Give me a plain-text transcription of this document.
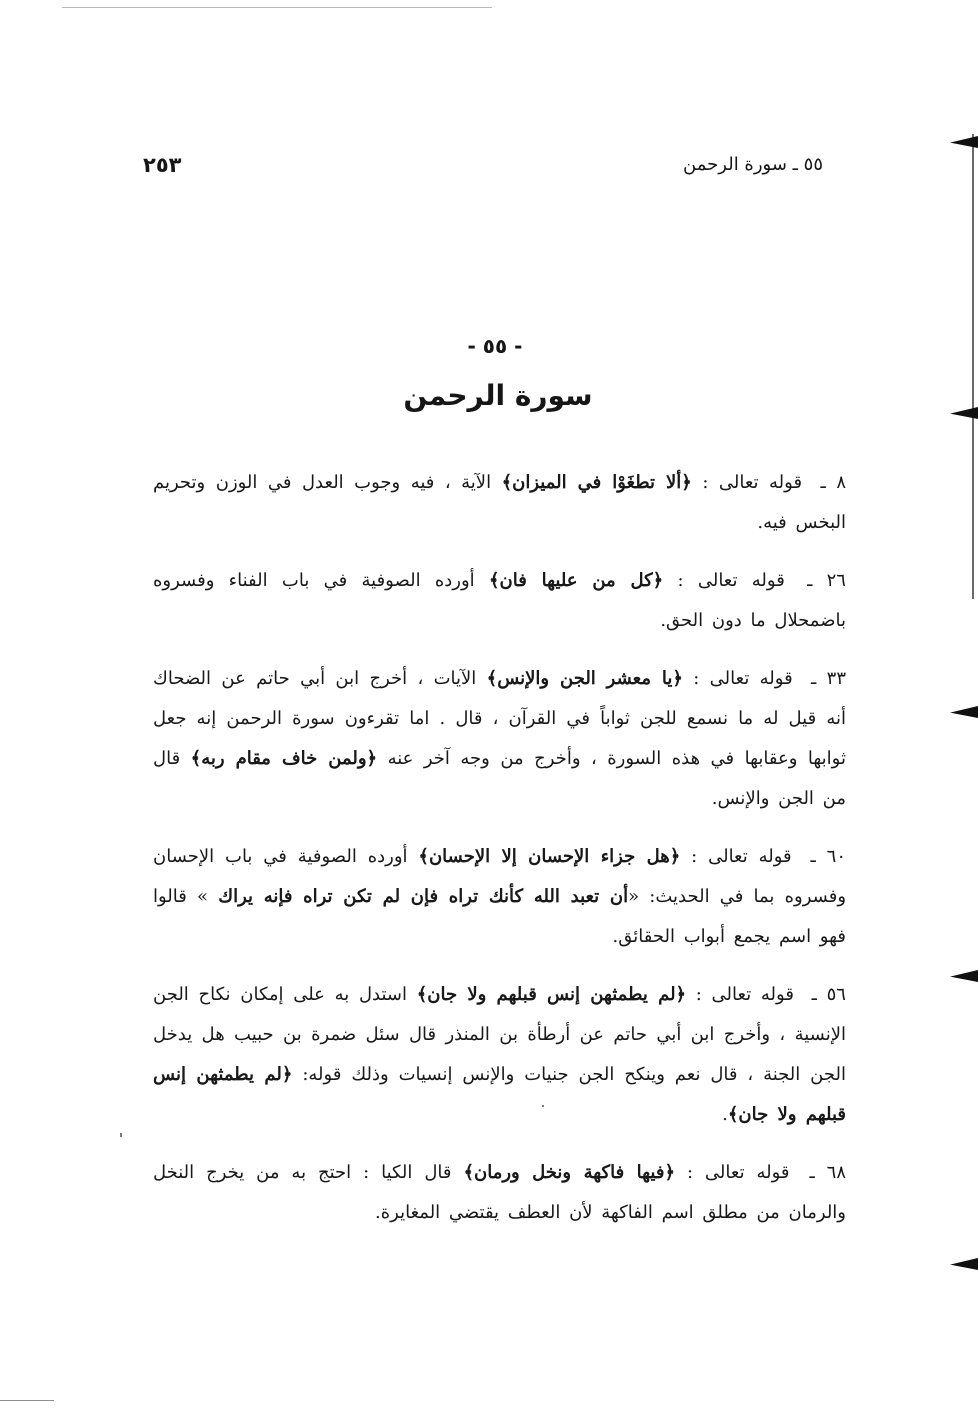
٢٥٣	٥٥ ـ سورة الرحمن
- ٥٥ -
سورة الرحمن

٨ ـ قوله تعالى : ﴿ألا تطغَوْا في الميزان﴾ الآية ، فيه وجوب العدل في الوزن وتحريم البخس فيه.

٢٦ ـ قوله تعالى : ﴿كل من عليها فان﴾ أورده الصوفية في باب الفناء وفسروه باضمحلال ما دون الحق.

٣٣ ـ قوله تعالى : ﴿يا معشر الجن والإنس﴾ الآيات ، أخرج ابن أبي حاتم عن الضحاك أنه قيل له ما نسمع للجن ثواباً في القرآن ، قال . اما تقرءون سورة الرحمن إنه جعل ثوابها وعقابها في هذه السورة ، وأخرج من وجه آخر عنه ﴿ولمن خاف مقام ربه﴾ قال من الجن والإنس.

٦٠ ـ قوله تعالى : ﴿هل جزاء الإحسان إلا الإحسان﴾ أورده الصوفية في باب الإحسان وفسروه بما في الحديث: «أن تعبد الله كأنك تراه فإن لم تكن تراه فإنه يراك » قالوا فهو اسم يجمع أبواب الحقائق.

٥٦ ـ قوله تعالى : ﴿لم يطمثهن إنس قبلهم ولا جان﴾ استدل به على إمكان نكاح الجن الإنسية ، وأخرج ابن أبي حاتم عن أرطأة بن المنذر قال سئل ضمرة بن حبيب هل يدخل الجن الجنة ، قال نعم وينكح الجن جنيات والإنس إنسيات وذلك قوله: ﴿لم يطمثهن إنس قبلهم ولا جان﴾.

٦٨ ـ قوله تعالى : ﴿فيها فاكهة ونخل ورمان﴾ قال الكيا : احتج به من يخرج النخل والرمان من مطلق اسم الفاكهة لأن العطف يقتضي المغايرة.
